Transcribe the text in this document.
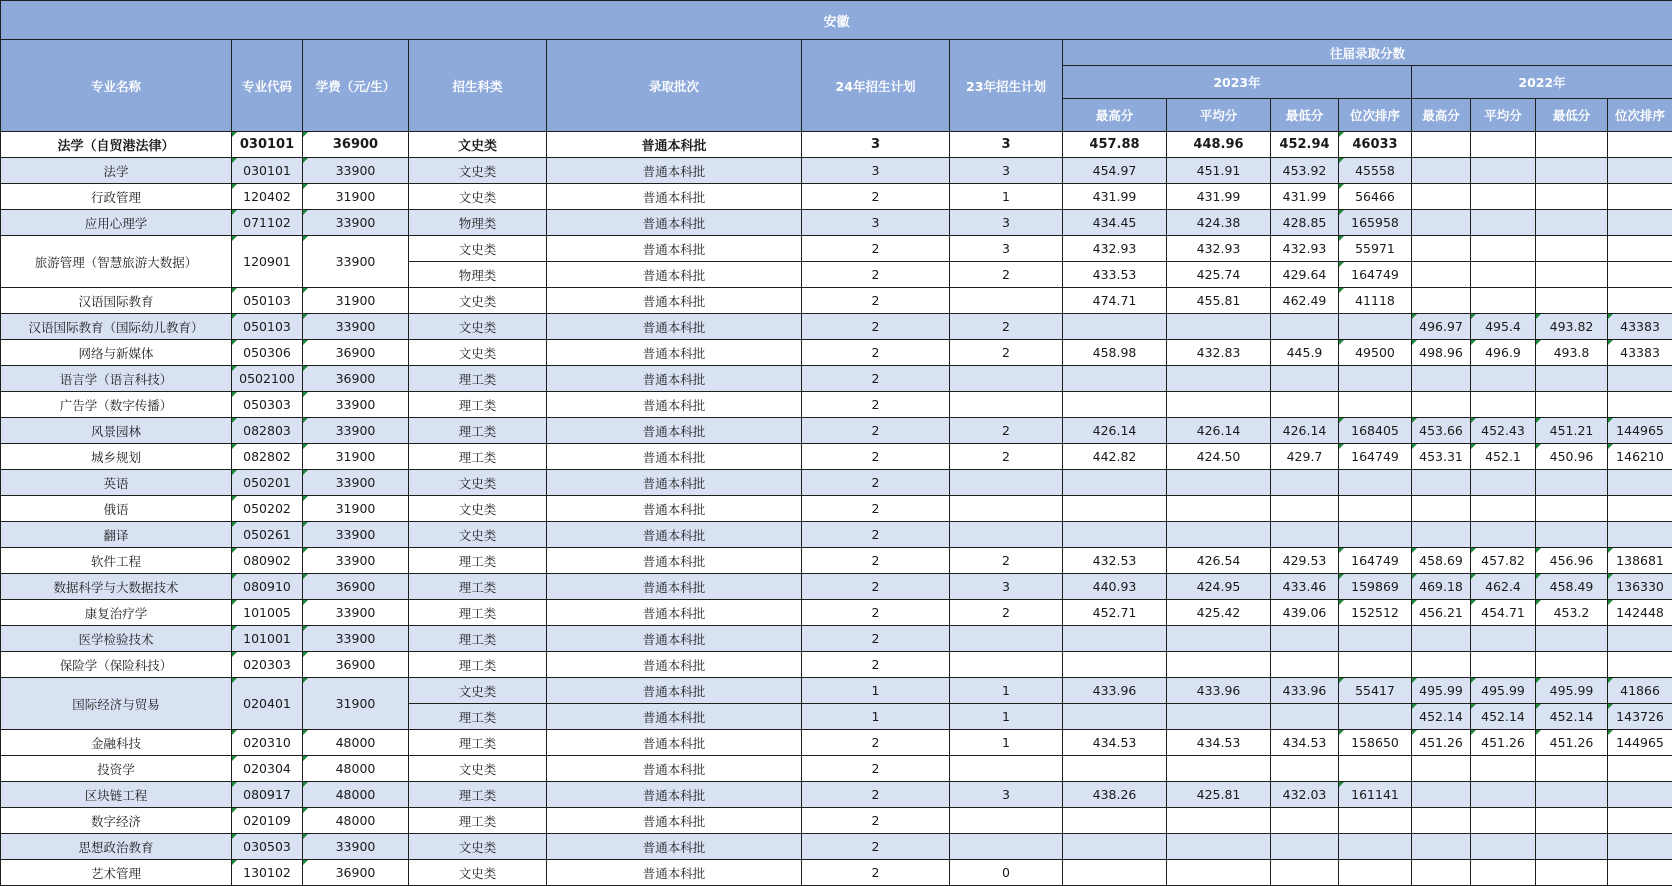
安徽														
专业名称	专业代码	学费（元/生）	招生科类	录取批次	24年招生计划	23年招生计划	往届录取分数							
							2023年				2022年			
							最高分	平均分	最低分	位次排序	最高分	平均分	最低分	位次排序
法学（自贸港法律）	030101	36900	文史类	普通本科批	3	3	457.88	448.96	452.94	46033				
法学	030101	33900	文史类	普通本科批	3	3	454.97	451.91	453.92	45558				
行政管理	120402	31900	文史类	普通本科批	2	1	431.99	431.99	431.99	56466				
应用心理学	071102	33900	物理类	普通本科批	3	3	434.45	424.38	428.85	165958				
旅游管理（智慧旅游大数据）	120901	33900	文史类	普通本科批	2	3	432.93	432.93	432.93	55971				
			物理类	普通本科批	2	2	433.53	425.74	429.64	164749				
汉语国际教育	050103	31900	文史类	普通本科批	2		474.71	455.81	462.49	41118				
汉语国际教育（国际幼儿教育）	050103	33900	文史类	普通本科批	2	2					496.97	495.4	493.82	43383
网络与新媒体	050306	36900	文史类	普通本科批	2	2	458.98	432.83	445.9	49500	498.96	496.9	493.8	43383
语言学（语言科技）	0502100	36900	理工类	普通本科批	2									
广告学（数字传播）	050303	33900	理工类	普通本科批	2									
风景园林	082803	33900	理工类	普通本科批	2	2	426.14	426.14	426.14	168405	453.66	452.43	451.21	144965
城乡规划	082802	31900	理工类	普通本科批	2	2	442.82	424.50	429.7	164749	453.31	452.1	450.96	146210
英语	050201	33900	文史类	普通本科批	2									
俄语	050202	31900	文史类	普通本科批	2									
翻译	050261	33900	文史类	普通本科批	2									
软件工程	080902	33900	理工类	普通本科批	2	2	432.53	426.54	429.53	164749	458.69	457.82	456.96	138681
数据科学与大数据技术	080910	36900	理工类	普通本科批	2	3	440.93	424.95	433.46	159869	469.18	462.4	458.49	136330
康复治疗学	101005	33900	理工类	普通本科批	2	2	452.71	425.42	439.06	152512	456.21	454.71	453.2	142448
医学检验技术	101001	33900	理工类	普通本科批	2									
保险学（保险科技）	020303	36900	理工类	普通本科批	2									
国际经济与贸易	020401	31900	文史类	普通本科批	1	1	433.96	433.96	433.96	55417	495.99	495.99	495.99	41866
			理工类	普通本科批	1	1					452.14	452.14	452.14	143726
金融科技	020310	48000	理工类	普通本科批	2	1	434.53	434.53	434.53	158650	451.26	451.26	451.26	144965
投资学	020304	48000	文史类	普通本科批	2									
区块链工程	080917	48000	理工类	普通本科批	2	3	438.26	425.81	432.03	161141				
数字经济	020109	48000	理工类	普通本科批	2									
思想政治教育	030503	33900	文史类	普通本科批	2									
艺术管理	130102	36900	文史类	普通本科批	2	0								
